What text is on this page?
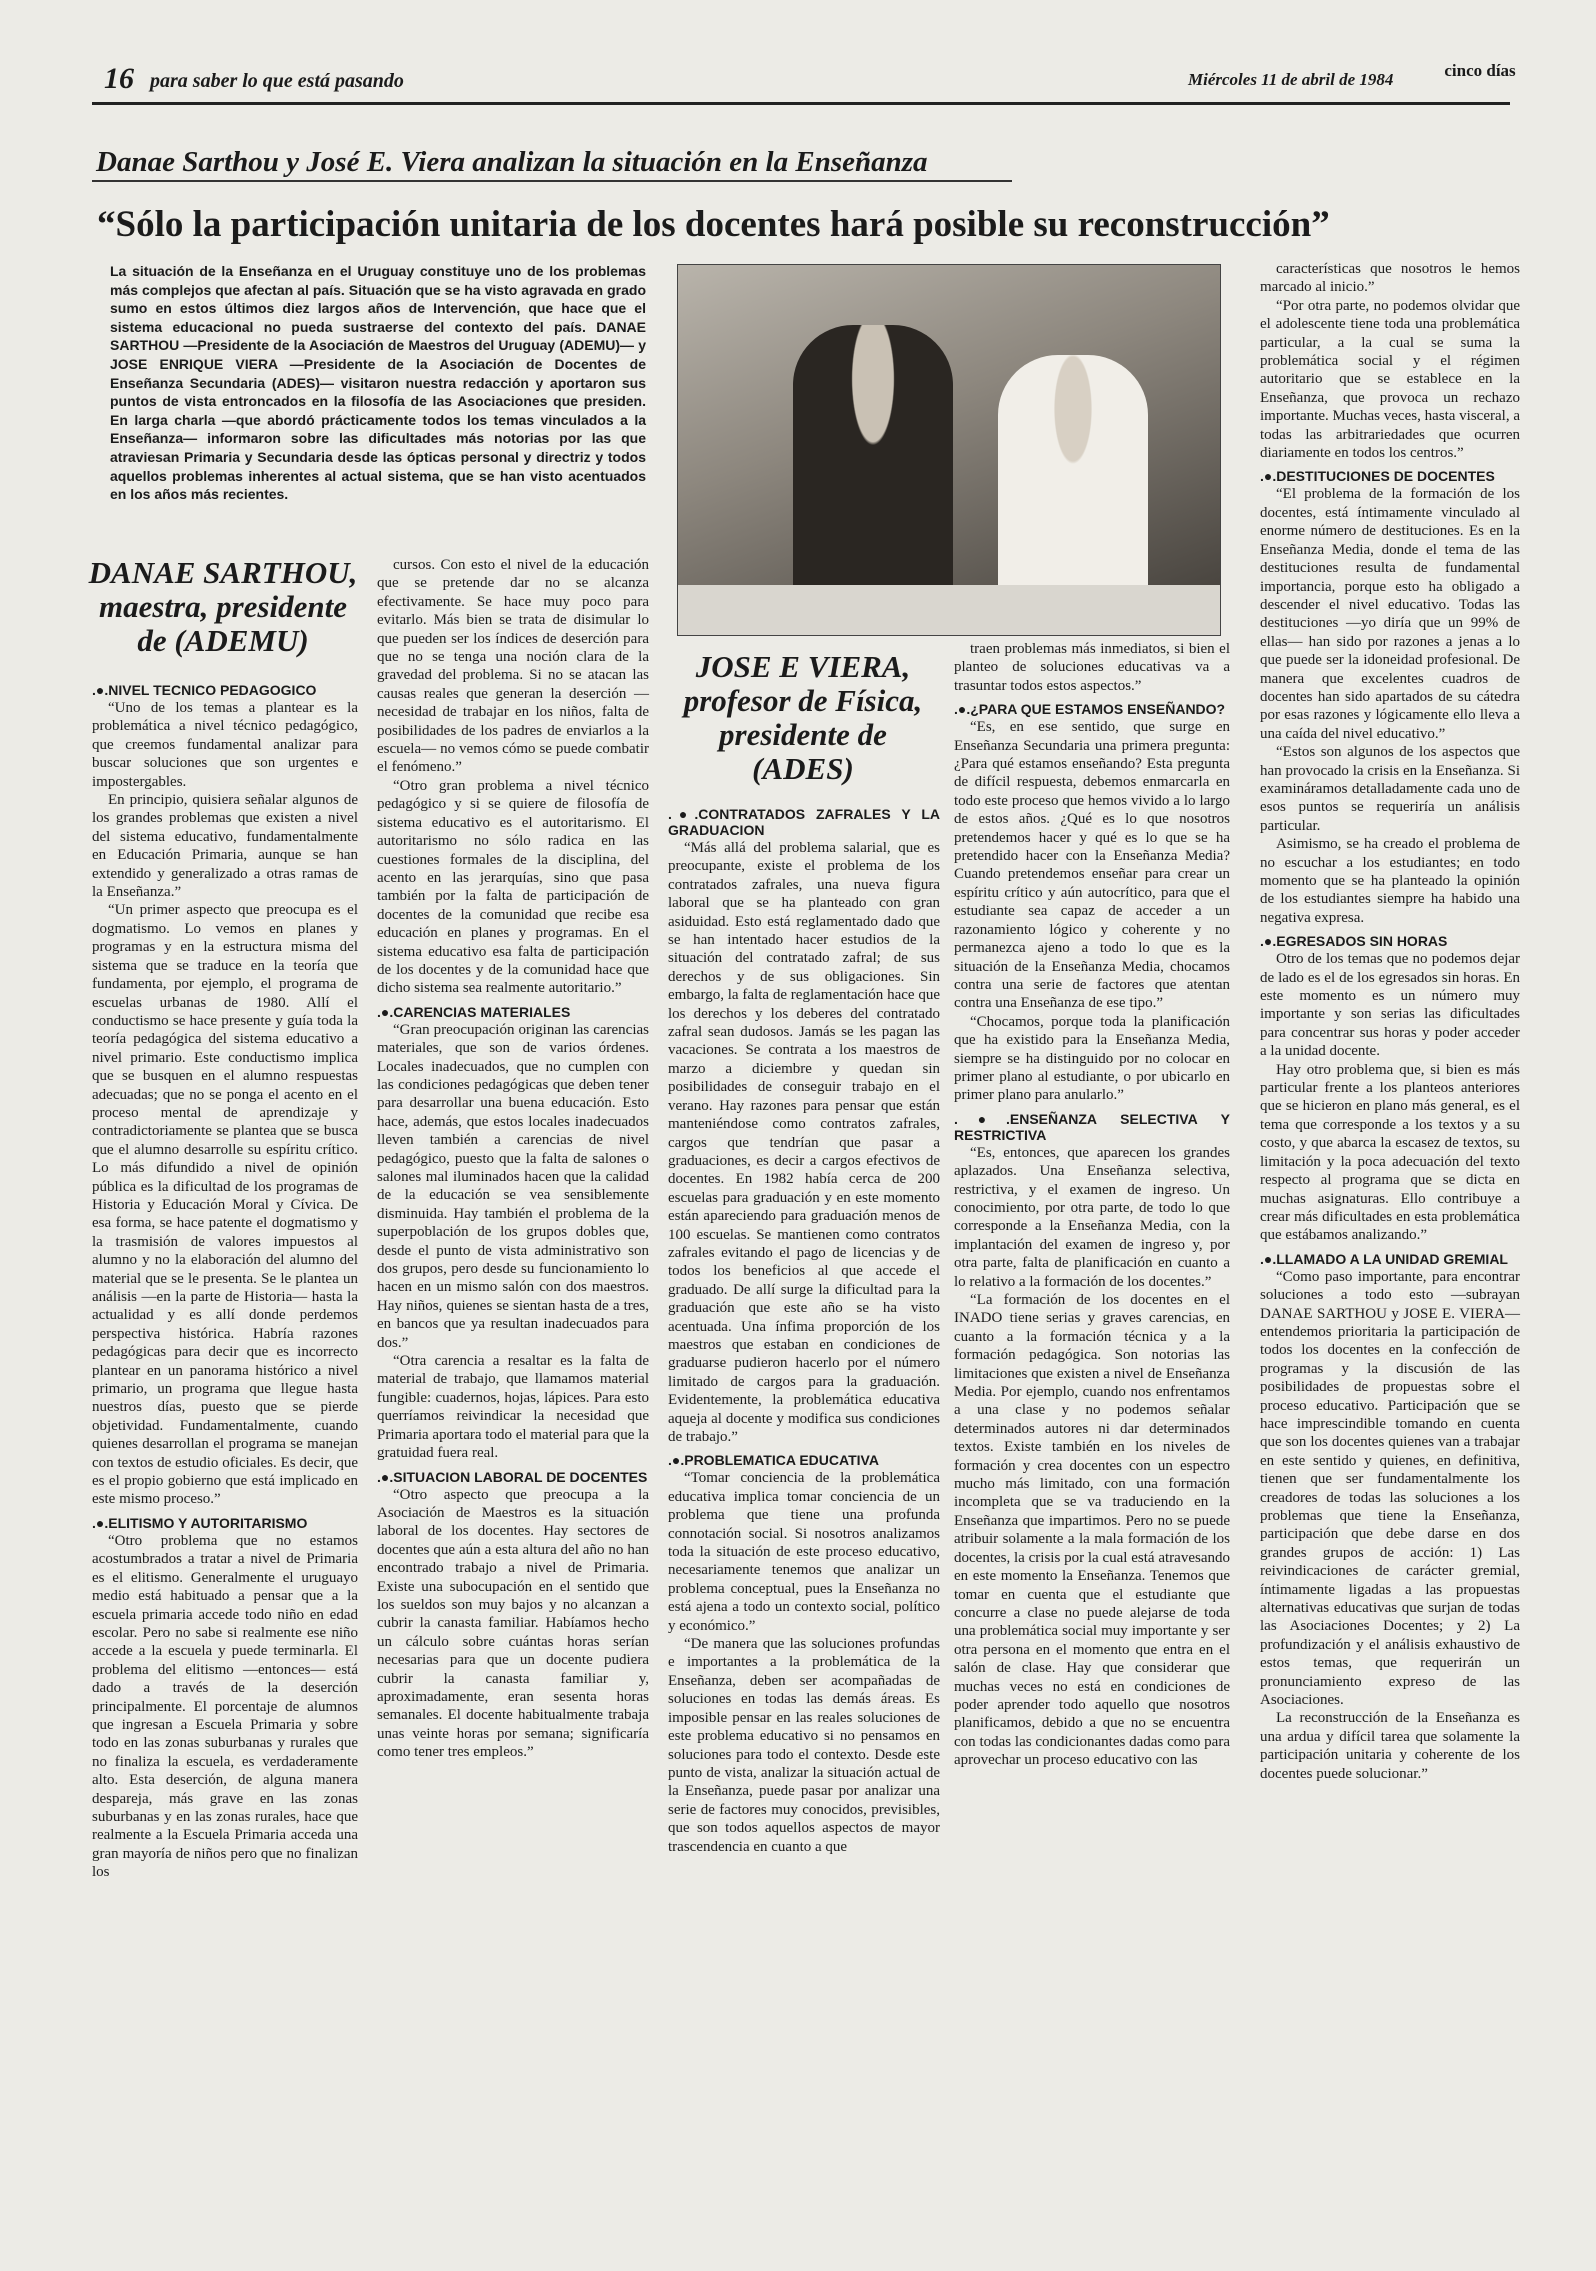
16 para saber lo que está pasando	Miércoles 11 de abril de 1984	cinco días
Danae Sarthou y José E. Viera analizan la situación en la Enseñanza
“Sólo la participación unitaria de los docentes hará posible su reconstrucción”
La situación de la Enseñanza en el Uruguay constituye uno de los problemas más complejos que afectan al país. Situación que se ha visto agravada en grado sumo en estos últimos diez largos años de Intervención, que hace que el sistema educacional no pueda sustraerse del contexto del país. DANAE SARTHOU —Presidente de la Asociación de Maestros del Uruguay (ADEMU)— y JOSE ENRIQUE VIERA —Presidente de la Asociación de Docentes de Enseñanza Secundaria (ADES)— visitaron nuestra redacción y aportaron sus puntos de vista entroncados en la filosofía de las Asociaciones que presiden. En larga charla —que abordó prácticamente todos los temas vinculados a la Enseñanza— informaron sobre las dificultades más notorias por las que atraviesan Primaria y Secundaria desde las ópticas personal y directriz y todos aquellos problemas inherentes al actual sistema, que se han visto acentuados en los años más recientes.
DANAE SARTHOU, maestra, presidente de (ADEMU)
JOSE E VIERA, profesor de Física, presidente de (ADES)
.●.NIVEL TECNICO PEDAGOGICO

“Uno de los temas a plantear es la problemática a nivel técnico pedagógico, que creemos fundamental analizar para buscar soluciones que son urgentes e impostergables.

En principio, quisiera señalar algunos de los grandes problemas que existen a nivel del sistema educativo, fundamentalmente en Educación Primaria, aunque se han extendido y generalizado a otras ramas de la Enseñanza.”

“Un primer aspecto que preocupa es el dogmatismo. Lo vemos en planes y programas y en la estructura misma del sistema que se traduce en la teoría que fundamenta, por ejemplo, el programa de escuelas urbanas de 1980. Allí el conductismo se hace presente y guía toda la teoría pedagógica del sistema educativo a nivel primario. Este conductismo implica que se busquen en el alumno respuestas adecuadas; que no se ponga el acento en el proceso mental de aprendizaje y contradictoriamente se plantea que se busca que el alumno desarrolle su espíritu crítico. Lo más difundido a nivel de opinión pública es la dificultad de los programas de Historia y Educación Moral y Cívica. De esa forma, se hace patente el dogmatismo y la trasmisión de valores impuestos al alumno y no la elaboración del alumno del material que se le presenta. Se le plantea un análisis —en la parte de Historia— hasta la actualidad y es allí donde perdemos perspectiva histórica. Habría razones pedagógicas para decir que es incorrecto plantear en un panorama histórico a nivel primario, un programa que llegue hasta nuestros días, puesto que se pierde objetividad. Fundamentalmente, cuando quienes desarrollan el programa se manejan con textos de estudio oficiales. Es decir, que es el propio gobierno que está implicado en este mismo proceso.”

.●.ELITISMO Y AUTORITARISMO

“Otro problema que no estamos acostumbrados a tratar a nivel de Primaria es el elitismo. Generalmente el uruguayo medio está habituado a pensar que a la escuela primaria accede todo niño en edad escolar. Pero no sabe si realmente ese niño accede a la escuela y puede terminarla. El problema del elitismo —entonces— está dado a través de la deserción principalmente. El porcentaje de alumnos que ingresan a Escuela Primaria y sobre todo en las zonas suburbanas y rurales que no finaliza la escuela, es verdaderamente alto. Esta deserción, de alguna manera despareja, más grave en las zonas suburbanas y en las zonas rurales, hace que realmente a la Escuela Primaria acceda una gran mayoría de niños pero que no finalizan los

cursos. Con esto el nivel de la educación que se pretende dar no se alcanza efectivamente. Se hace muy poco para evitarlo. Más bien se trata de disimular lo que pueden ser los índices de deserción para que no se tenga una noción clara de la gravedad del problema. Si no se atacan las causas reales que generan la deserción —necesidad de trabajar en los niños, falta de posibilidades de los padres de enviarlos a la escuela— no vemos cómo se puede combatir el fenómeno.”

“Otro gran problema a nivel técnico pedagógico y si se quiere de filosofía de sistema educativo es el autoritarismo. El autoritarismo no sólo radica en las cuestiones formales de la disciplina, del acento en las jerarquías, sino que pasa también por la falta de participación de docentes de la comunidad que recibe esa educación en planes y programas. En el sistema educativo esa falta de participación de los docentes y de la comunidad hace que dicho sistema sea realmente autoritario.”

.●.CARENCIAS MATERIALES

“Gran preocupación originan las carencias materiales, que son de varios órdenes. Locales inadecuados, que no cumplen con las condiciones pedagógicas que deben tener para desarrollar una buena educación. Esto hace, además, que estos locales inadecuados lleven también a carencias de nivel pedagógico, puesto que la falta de salones o salones mal iluminados hacen que la calidad de la educación se vea sensiblemente disminuida. Hay también el problema de la superpoblación de los grupos dobles que, desde el punto de vista administrativo son dos grupos, pero desde su funcionamiento lo hacen en un mismo salón con dos maestros. Hay niños, quienes se sientan hasta de a tres, en bancos que ya resultan inadecuados para dos.”

“Otra carencia a resaltar es la falta de material de trabajo, que llamamos material fungible: cuadernos, hojas, lápices. Para esto querríamos reivindicar la necesidad que Primaria aportara todo el material para que la gratuidad fuera real.

.●.SITUACION LABORAL DE DOCENTES

“Otro aspecto que preocupa a la Asociación de Maestros es la situación laboral de los docentes. Hay sectores de docentes que aún a esta altura del año no han encontrado trabajo a nivel de Primaria. Existe una subocupación en el sentido que los sueldos son muy bajos y no alcanzan a cubrir la canasta familiar. Habíamos hecho un cálculo sobre cuántas horas serían necesarias para que un docente pudiera cubrir la canasta familiar y, aproximadamente, eran sesenta horas semanales. El docente habitualmente trabaja unas veinte horas por semana; significaría como tener tres empleos.”

.●.CONTRATADOS ZAFRALES Y LA GRADUACION

“Más allá del problema salarial, que es preocupante, existe el problema de los contratados zafrales, una nueva figura laboral que se ha planteado con gran asiduidad. Esto está reglamentado dado que se han intentado hacer estudios de la situación del contratado zafral; de sus derechos y de sus obligaciones. Sin embargo, la falta de reglamentación hace que los derechos y los deberes del contratado zafral sean dudosos. Jamás se les pagan las vacaciones. Se contrata a los maestros de marzo a diciembre y quedan sin posibilidades de conseguir trabajo en el verano. Hay razones para pensar que están manteniéndose como contratos zafrales, cargos que tendrían que pasar a graduaciones, es decir a cargos efectivos de docentes. En 1982 había cerca de 200 escuelas para graduación y en este momento están apareciendo para graduación menos de 100 escuelas. Se mantienen como contratos zafrales evitando el pago de licencias y de todos los beneficios al que accede el graduado. De allí surge la dificultad para la graduación que este año se ha visto acentuada. Una ínfima proporción de los maestros que estaban en condiciones de graduarse pudieron hacerlo por el número limitado de cargos para la graduación. Evidentemente, la problemática educativa aqueja al docente y modifica sus condiciones de trabajo.”

.●.PROBLEMATICA EDUCATIVA

“Tomar conciencia de la problemática educativa implica tomar conciencia de un problema que tiene una profunda connotación social. Si nosotros analizamos toda la situación de este proceso educativo, necesariamente tenemos que analizar un problema conceptual, pues la Enseñanza no está ajena a todo un contexto social, político y económico.”

“De manera que las soluciones profundas e importantes a la problemática de la Enseñanza, deben ser acompañadas de soluciones en todas las demás áreas. Es imposible pensar en las reales soluciones de este problema educativo si no pensamos en soluciones para todo el contexto. Desde este punto de vista, analizar la situación actual de la Enseñanza, puede pasar por analizar una serie de factores muy conocidos, previsibles, que son todos aquellos aspectos de mayor trascendencia en cuanto a que

traen problemas más inmediatos, si bien el planteo de soluciones educativas va a trasuntar todos estos aspectos.”

.●.¿PARA QUE ESTAMOS ENSEÑANDO?

“Es, en ese sentido, que surge en Enseñanza Secundaria una primera pregunta: ¿Para qué estamos enseñando? Esta pregunta de difícil respuesta, debemos enmarcarla en todo este proceso que hemos vivido a lo largo de estos años. ¿Qué es lo que nosotros pretendemos hacer y qué es lo que se ha pretendido hacer con la Enseñanza Media? Cuando pretendemos enseñar para crear un espíritu crítico y aún autocrítico, para que el estudiante sea capaz de acceder a un razonamiento lógico y coherente y no permanezca ajeno a todo lo que es la situación de la Enseñanza Media, chocamos contra una serie de factores que atentan contra una Enseñanza de ese tipo.”

“Chocamos, porque toda la planificación que ha existido para la Enseñanza Media, siempre se ha distinguido por no colocar en primer plano al estudiante, o por ubicarlo en primer plano para anularlo.”

.●.ENSEÑANZA SELECTIVA Y RESTRICTIVA

“Es, entonces, que aparecen los grandes aplazados. Una Enseñanza selectiva, restrictiva, y el examen de ingreso. Un conocimiento, por otra parte, de todo lo que corresponde a la Enseñanza Media, con la implantación del examen de ingreso y, por otra parte, falta de planificación en cuanto a lo relativo a la formación de los docentes.”

“La formación de los docentes en el INADO tiene serias y graves carencias, en cuanto a la formación técnica y a la formación pedagógica. Son notorias las limitaciones que existen a nivel de Enseñanza Media. Por ejemplo, cuando nos enfrentamos a una clase y no podemos señalar determinados autores ni dar determinados textos. Existe también en los niveles de formación y crea docentes con un espectro mucho más limitado, con una formación incompleta que se va traduciendo en la Enseñanza que impartimos. Pero no se puede atribuir solamente a la mala formación de los docentes, la crisis por la cual está atravesando en este momento la Enseñanza. Tenemos que tomar en cuenta que el estudiante que concurre a clase no puede alejarse de toda una problemática social muy importante y ser otra persona en el momento que entra en el salón de clase. Hay que considerar que muchas veces no está en condiciones de poder aprender todo aquello que nosotros planificamos, debido a que no se encuentra con todas las condicionantes dadas como para aprovechar un proceso educativo con las

características que nosotros le hemos marcado al inicio.”

“Por otra parte, no podemos olvidar que el adolescente tiene toda una problemática particular, a la cual se suma la problemática social y el régimen autoritario que se establece en la Enseñanza, que provoca un rechazo importante. Muchas veces, hasta visceral, a todas las arbitrariedades que ocurren diariamente en todos los centros.”

.●.DESTITUCIONES DE DOCENTES

“El problema de la formación de los docentes, está íntimamente vinculado al enorme número de destituciones. Es en la Enseñanza Media, donde el tema de las destituciones resulta de fundamental importancia, porque esto ha obligado a descender el nivel educativo. Todas las destituciones —yo diría que un 99% de ellas— han sido por razones a jenas a lo que puede ser la idoneidad profesional. De manera que excelentes cuadros de docentes han sido apartados de su cátedra por esas razones y lógicamente ello lleva a una caída del nivel educativo.”

“Estos son algunos de los aspectos que han provocado la crisis en la Enseñanza. Si examináramos detalladamente cada uno de esos puntos se requeriría un análisis particular.

Asimismo, se ha creado el problema de no escuchar a los estudiantes; en todo momento que se ha planteado la opinión de los estudiantes siempre ha habido una negativa expresa.

.●.EGRESADOS SIN HORAS

Otro de los temas que no podemos dejar de lado es el de los egresados sin horas. En este momento es un número muy importante y son serias las dificultades para concentrar sus horas y poder acceder a la unidad docente.

Hay otro problema que, si bien es más particular frente a los planteos anteriores que se hicieron en plano más general, es el tema que corresponde a los textos y a su costo, y que abarca la escasez de textos, su limitación y la poca adecuación del texto respecto al programa que se dicta en muchas asignaturas. Ello contribuye a crear más dificultades en esta problemática que estábamos analizando.”

.●.LLAMADO A LA UNIDAD GREMIAL

“Como paso importante, para encontrar soluciones a todo esto —subrayan DANAE SARTHOU y JOSE E. VIERA— entendemos prioritaria la participación de todos los docentes en la confección de programas y la discusión de las posibilidades de propuestas sobre el proceso educativo. Participación que se hace imprescindible tomando en cuenta que son los docentes quienes van a trabajar en este sentido y quienes, en definitiva, tienen que ser fundamentalmente los creadores de todas las soluciones a los problemas que tiene la Enseñanza, participación que debe darse en dos grandes grupos de acción: 1) Las reivindicaciones de carácter gremial, íntimamente ligadas a las propuestas alternativas educativas que surjan de todas las Asociaciones Docentes; y 2) La profundización y el análisis exhaustivo de estos temas, que requerirán un pronunciamiento expreso de las Asociaciones.

La reconstrucción de la Enseñanza es una ardua y difícil tarea que solamente la participación unitaria y coherente de los docentes puede solucionar.”
